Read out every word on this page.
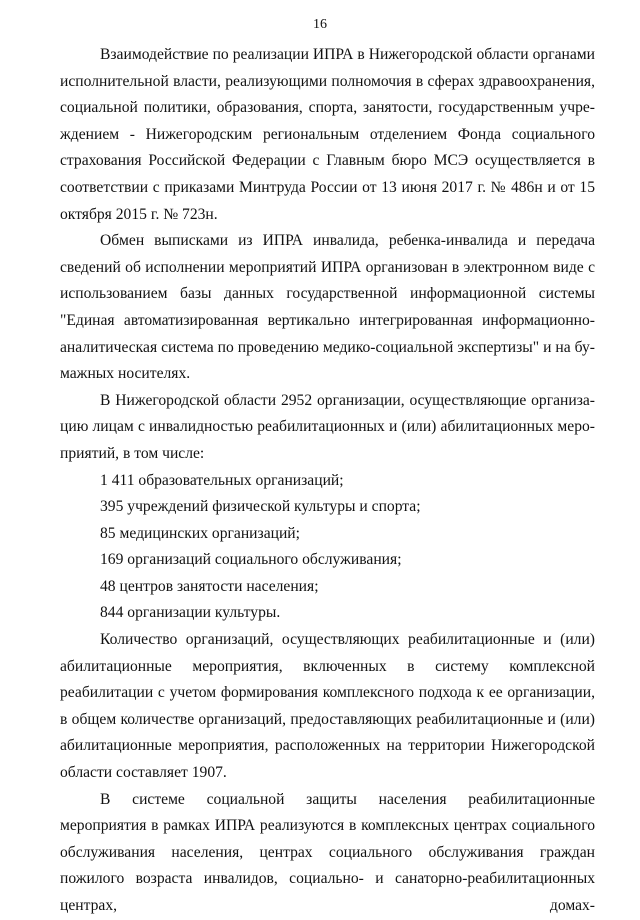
16

Взаимодействие по реализации ИПРА в Нижегородской области органами исполнительной власти, реализующими полномочия в сферах здравоохранения, социальной политики, образования, спорта, занятости, государственным учреждением - Нижегородским региональным отделением Фонда социального страхования Российской Федерации с Главным бюро МСЭ осуществляется в соответствии с приказами Минтруда России от 13 июня 2017 г. № 486н и от 15 октября 2015 г. № 723н.

Обмен выписками из ИПРА инвалида, ребенка-инвалида и передача сведений об исполнении мероприятий ИПРА организован в электронном виде с использованием базы данных государственной информационной системы "Единая автоматизированная вертикально интегрированная информационно-аналитическая система по проведению медико-социальной экспертизы" и на бумажных носителях.

В Нижегородской области 2952 организации, осуществляющие организацию лицам с инвалидностью реабилитационных и (или) абилитационных мероприятий, в том числе:

1 411 образовательных организаций;
395 учреждений физической культуры и спорта;
85 медицинских организаций;
169 организаций социального обслуживания;
48 центров занятости населения;
844 организации культуры.

Количество организаций, осуществляющих реабилитационные и (или) абилитационные мероприятия, включенных в систему комплексной реабилитации с учетом формирования комплексного подхода к ее организации, в общем количестве организаций, предоставляющих реабилитационные и (или) абилитационные мероприятия, расположенных на территории Нижегородской области составляет 1907.

В системе социальной защиты населения реабилитационные мероприятия в рамках ИПРА реализуются в комплексных центрах социального обслуживания населения, центрах социального обслуживания граждан пожилого возраста инвалидов, социально- и санаторно-реабилитационных центрах, домах-
